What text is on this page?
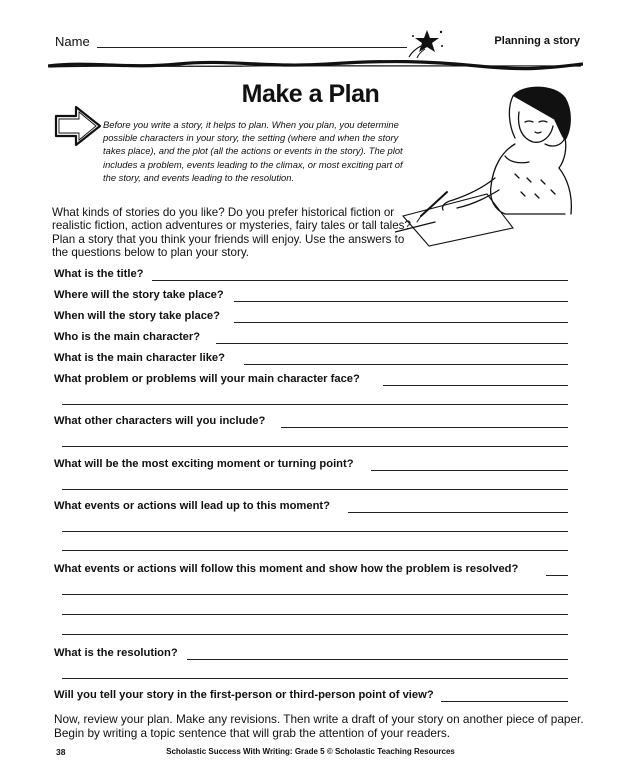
Name	Planning a story
Make a Plan
Before you write a story, it helps to plan. When you plan, you determine possible characters in your story, the setting (where and when the story takes place), and the plot (all the actions or events in the story). The plot includes a problem, events leading to the climax, or most exciting part of the story, and events leading to the resolution.
What kinds of stories do you like? Do you prefer historical fiction or realistic fiction, action adventures or mysteries, fairy tales or tall tales? Plan a story that you think your friends will enjoy. Use the answers to the questions below to plan your story.
What is the title?
Where will the story take place?
When will the story take place?
Who is the main character?
What is the main character like?
What problem or problems will your main character face?
What other characters will you include?
What will be the most exciting moment or turning point?
What events or actions will lead up to this moment?
What events or actions will follow this moment and show how the problem is resolved?
What is the resolution?
Will you tell your story in the first-person or third-person point of view?
Now, review your plan. Make any revisions. Then write a draft of your story on another piece of paper. Begin by writing a topic sentence that will grab the attention of your readers.
38	Scholastic Success With Writing: Grade 5 © Scholastic Teaching Resources
